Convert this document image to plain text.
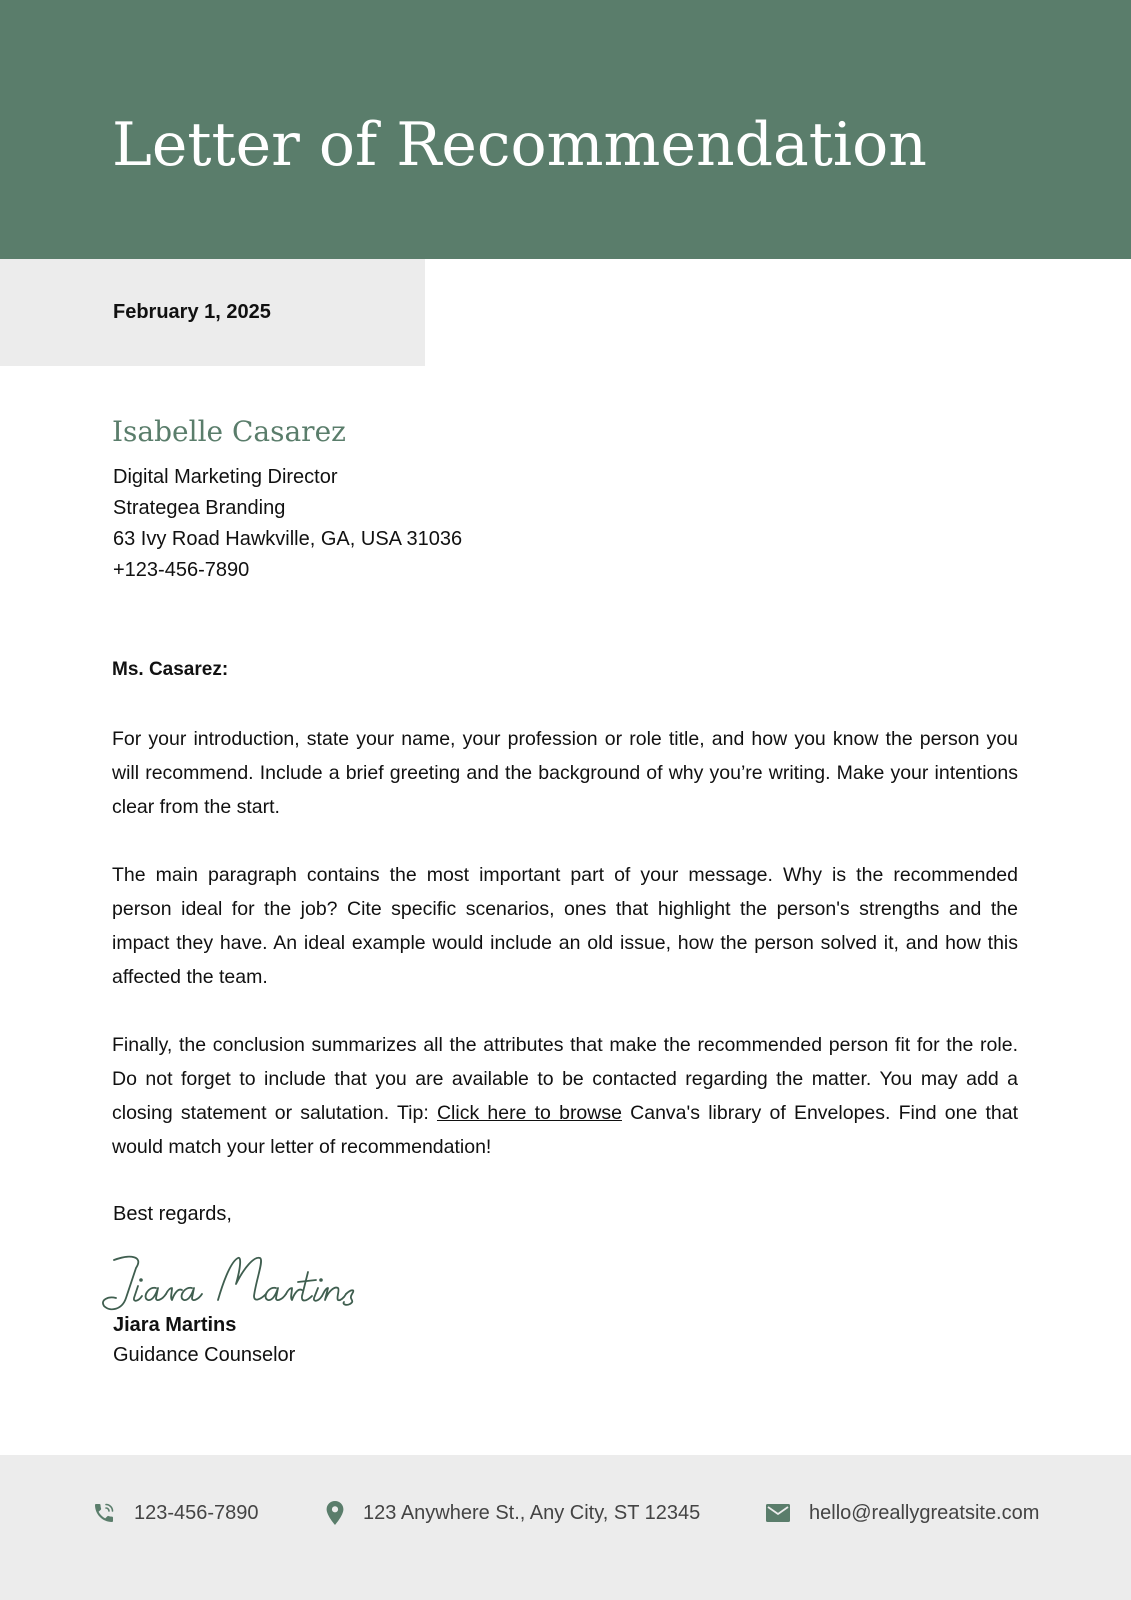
Letter of Recommendation
February 1, 2025
Isabelle Casarez
Digital Marketing Director
Strategea Branding
63 Ivy Road Hawkville, GA, USA 31036
+123-456-7890
Ms. Casarez:

For your introduction, state your name, your profession or role title, and how you know the person you will recommend. Include a brief greeting and the background of why you’re writing. Make your intentions clear from the start.

The main paragraph contains the most important part of your message. Why is the recommended person ideal for the job? Cite specific scenarios, ones that highlight the person's strengths and the impact they have. An ideal example would include an old issue, how the person solved it, and how this affected the team.

Finally, the conclusion summarizes all the attributes that make the recommended person fit for the role. Do not forget to include that you are available to be contacted regarding the matter. You may add a closing statement or salutation. Tip: Click here to browse Canva's library of Envelopes. Find one that would match your letter of recommendation!

Best regards,
Jiara Martins
Guidance Counselor
123-456-7890	123 Anywhere St., Any City, ST 12345	hello@reallygreatsite.com
